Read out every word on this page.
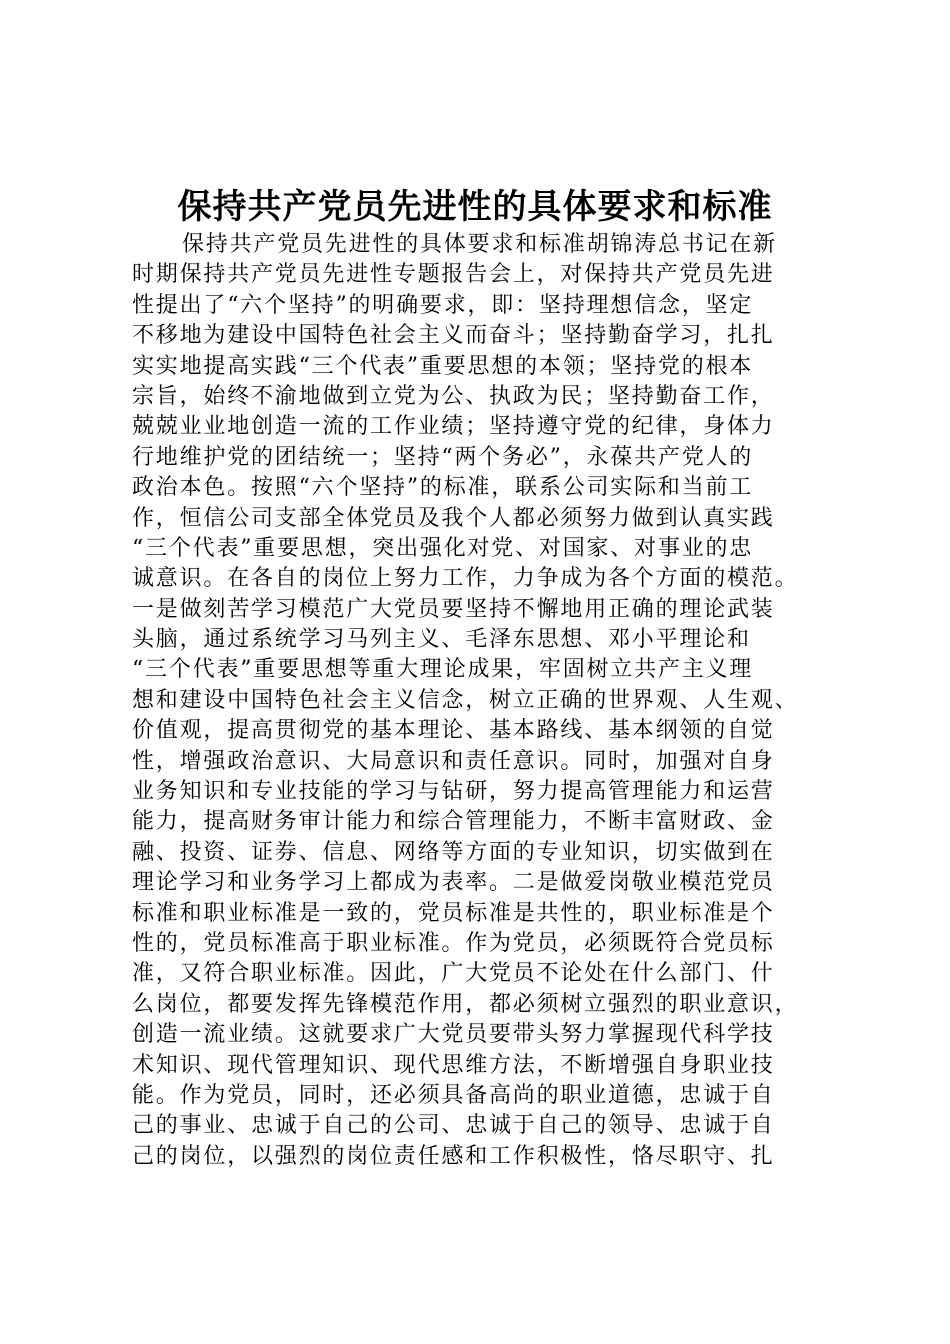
保持共产党员先进性的具体要求和标准
保持共产党员先进性的具体要求和标准胡锦涛总书记在新
时期保持共产党员先进性专题报告会上，对保持共产党员先进
性提出了“六个坚持”的明确要求，即：坚持理想信念，坚定
不移地为建设中国特色社会主义而奋斗；坚持勤奋学习，扎扎
实实地提高实践“三个代表”重要思想的本领；坚持党的根本
宗旨，始终不渝地做到立党为公、执政为民；坚持勤奋工作，
兢兢业业地创造一流的工作业绩；坚持遵守党的纪律，身体力
行地维护党的团结统一；坚持“两个务必”，永葆共产党人的
政治本色。按照“六个坚持”的标准，联系公司实际和当前工
作，恒信公司支部全体党员及我个人都必须努力做到认真实践
“三个代表”重要思想，突出强化对党、对国家、对事业的忠
诚意识。在各自的岗位上努力工作，力争成为各个方面的模范。
一是做刻苦学习模范广大党员要坚持不懈地用正确的理论武装
头脑，通过系统学习马列主义、毛泽东思想、邓小平理论和
“三个代表”重要思想等重大理论成果，牢固树立共产主义理
想和建设中国特色社会主义信念，树立正确的世界观、人生观、
价值观，提高贯彻党的基本理论、基本路线、基本纲领的自觉
性，增强政治意识、大局意识和责任意识。同时，加强对自身
业务知识和专业技能的学习与钻研，努力提高管理能力和运营
能力，提高财务审计能力和综合管理能力，不断丰富财政、金
融、投资、证券、信息、网络等方面的专业知识，切实做到在
理论学习和业务学习上都成为表率。二是做爱岗敬业模范党员
标准和职业标准是一致的，党员标准是共性的，职业标准是个
性的，党员标准高于职业标准。作为党员，必须既符合党员标
准，又符合职业标准。因此，广大党员不论处在什么部门、什
么岗位，都要发挥先锋模范作用，都必须树立强烈的职业意识，
创造一流业绩。这就要求广大党员要带头努力掌握现代科学技
术知识、现代管理知识、现代思维方法，不断增强自身职业技
能。作为党员，同时，还必须具备高尚的职业道德，忠诚于自
己的事业、忠诚于自己的公司、忠诚于自己的领导、忠诚于自
己的岗位，以强烈的岗位责任感和工作积极性，恪尽职守、扎
